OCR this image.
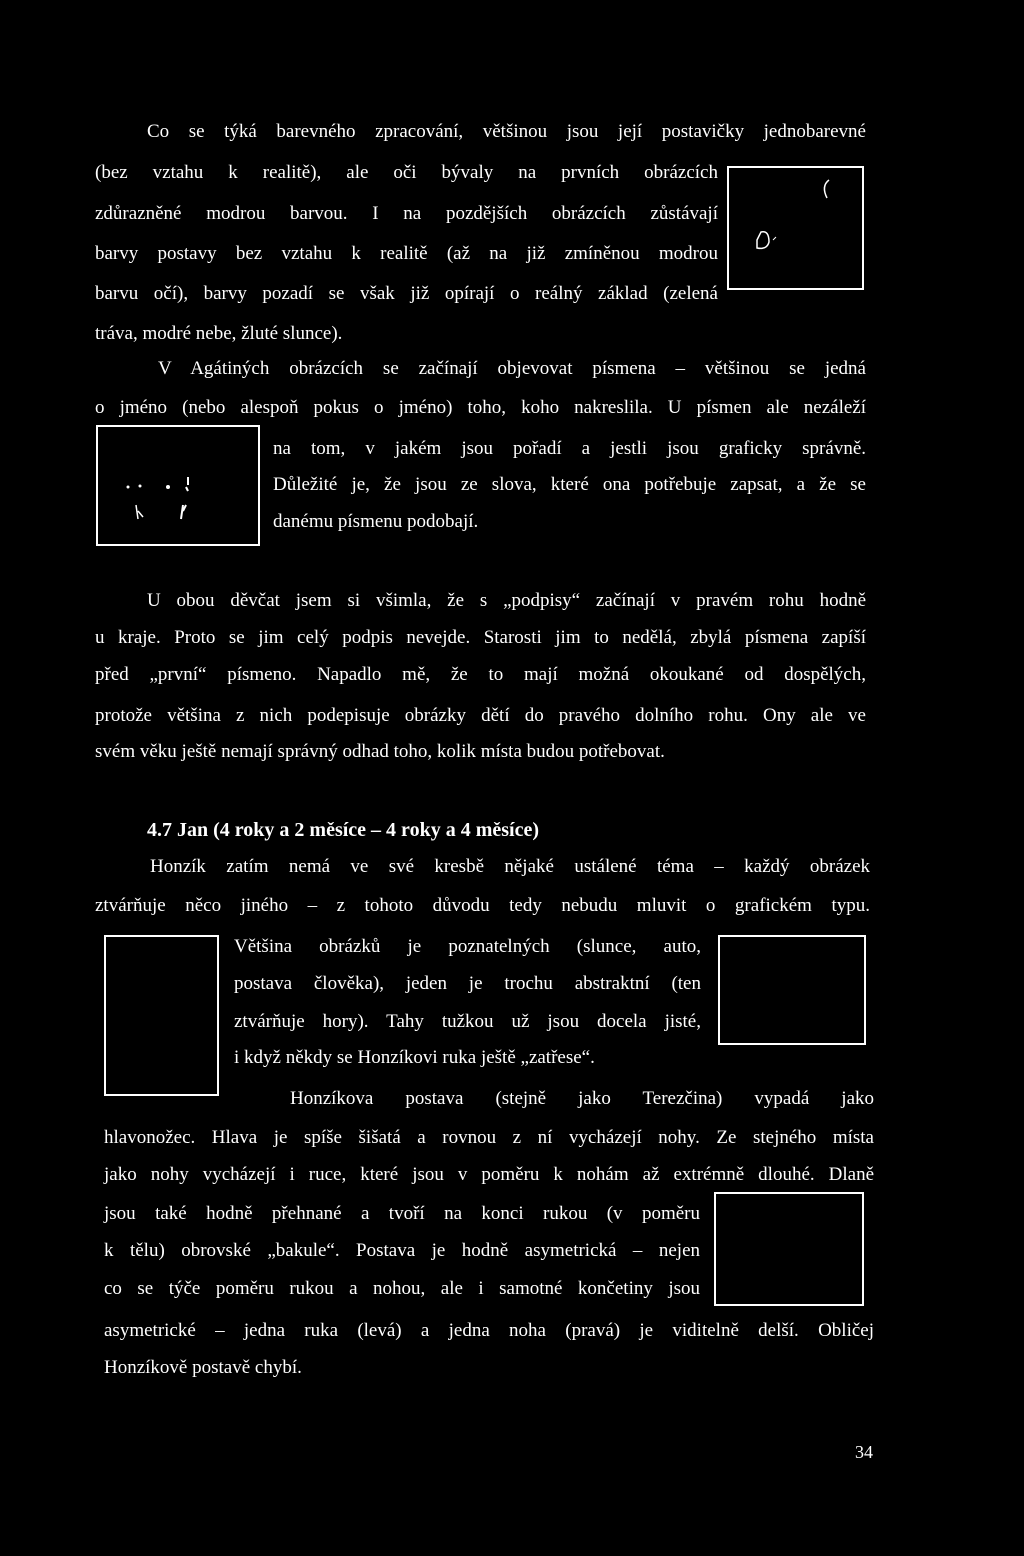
Co se týká barevného zpracování, většinou jsou její postavičky jednobarevné
(bez vztahu k realitě), ale oči bývaly na prvních obrázcích
zdůrazněné modrou barvou. I na pozdějších obrázcích zůstávají
barvy postavy bez vztahu k realitě (až na již zmíněnou modrou
barvu očí), barvy pozadí se však již opírají o reálný základ (zelená
tráva, modré nebe, žluté slunce).
V Agátiných obrázcích se začínají objevovat písmena – většinou se jedná
o jméno (nebo alespoň pokus o jméno) toho, koho nakreslila. U písmen ale nezáleží
na tom, v jakém jsou pořadí a jestli jsou graficky správně.
Důležité je, že jsou ze slova, které ona potřebuje zapsat, a že se
danému písmenu podobají.
U obou děvčat jsem si všimla, že s „podpisy“ začínají v pravém rohu hodně
u kraje. Proto se jim celý podpis nevejde. Starosti jim to nedělá, zbylá písmena zapíší
před „první“ písmeno. Napadlo mě, že to mají možná okoukané od dospělých,
protože většina z nich podepisuje obrázky dětí do pravého dolního rohu. Ony ale ve
svém věku ještě nemají správný odhad toho, kolik místa budou potřebovat.
4.7 Jan (4 roky a 2 měsíce – 4 roky a 4 měsíce)
Honzík zatím nemá ve své kresbě nějaké ustálené téma – každý obrázek
ztvárňuje něco jiného – z tohoto důvodu tedy nebudu mluvit o grafickém typu.
Většina obrázků je poznatelných (slunce, auto,
postava člověka), jeden je trochu abstraktní (ten
ztvárňuje hory). Tahy tužkou už jsou docela jisté,
i když někdy se Honzíkovi ruka ještě „zatřese“.
Honzíkova postava (stejně jako Terezčina) vypadá jako
hlavonožec. Hlava je spíše šišatá a rovnou z ní vycházejí nohy. Ze stejného místa
jako nohy vycházejí i ruce, které jsou v poměru k nohám až extrémně dlouhé. Dlaně
jsou také hodně přehnané a tvoří na konci rukou (v poměru
k tělu) obrovské „bakule“. Postava je hodně asymetrická – nejen
co se týče poměru rukou a nohou, ale i samotné končetiny jsou
asymetrické – jedna ruka (levá) a jedna noha (pravá) je viditelně delší. Obličej
Honzíkově postavě chybí.
34
